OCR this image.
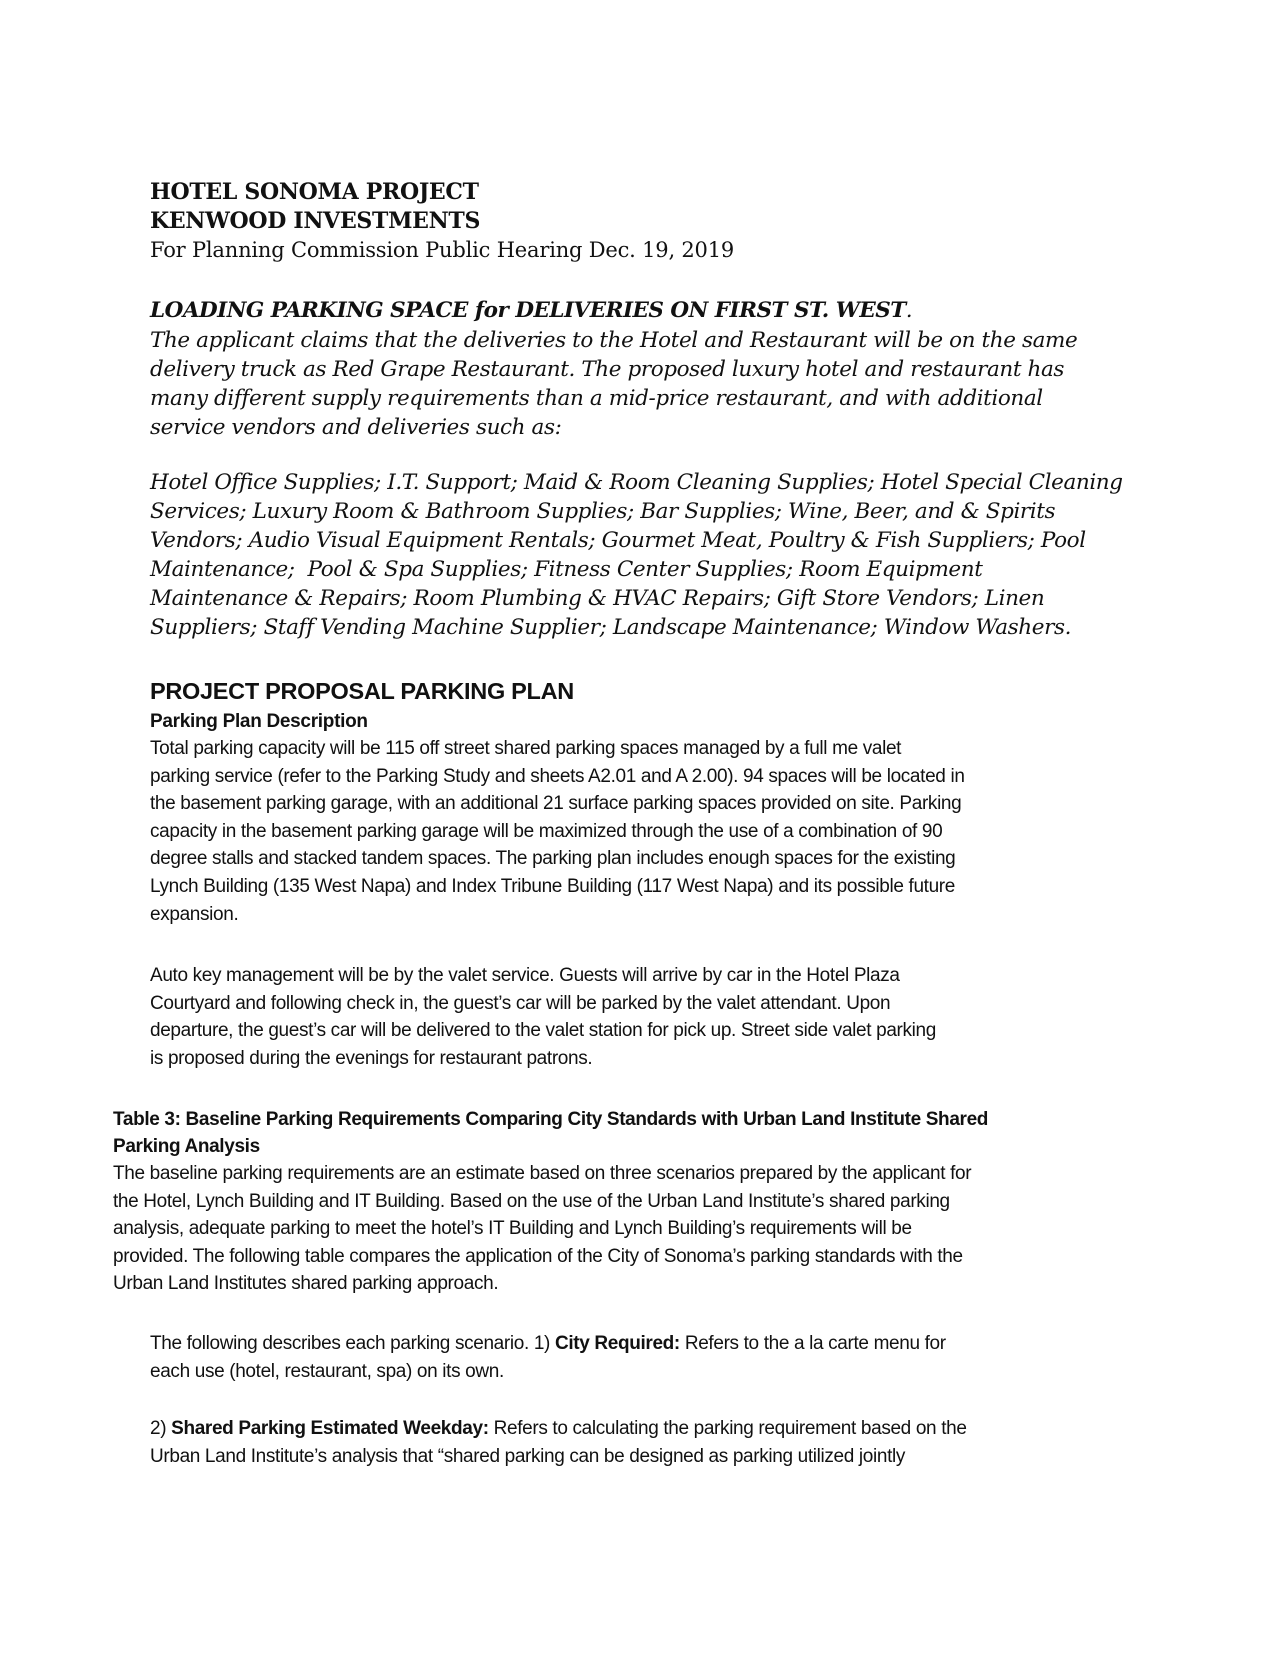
HOTEL SONOMA PROJECT
KENWOOD INVESTMENTS
For Planning Commission Public Hearing Dec. 19, 2019
LOADING PARKING SPACE for DELIVERIES ON FIRST ST. WEST.
The applicant claims that the deliveries to the Hotel and Restaurant will be on the same
delivery truck as Red Grape Restaurant. The proposed luxury hotel and restaurant has
many different supply requirements than a mid-price restaurant, and with additional
service vendors and deliveries such as:
Hotel Office Supplies; I.T. Support; Maid & Room Cleaning Supplies; Hotel Special Cleaning
Services; Luxury Room & Bathroom Supplies; Bar Supplies; Wine, Beer, and & Spirits
Vendors; Audio Visual Equipment Rentals; Gourmet Meat, Poultry & Fish Suppliers; Pool
Maintenance;  Pool & Spa Supplies; Fitness Center Supplies; Room Equipment
Maintenance & Repairs; Room Plumbing & HVAC Repairs; Gift Store Vendors; Linen
Suppliers; Staff Vending Machine Supplier; Landscape Maintenance; Window Washers.
PROJECT PROPOSAL PARKING PLAN
Parking Plan Description
Total parking capacity will be 115 off street shared parking spaces managed by a full me valet
parking service (refer to the Parking Study and sheets A2.01 and A 2.00). 94 spaces will be located in
the basement parking garage, with an additional 21 surface parking spaces provided on site. Parking
capacity in the basement parking garage will be maximized through the use of a combination of 90
degree stalls and stacked tandem spaces. The parking plan includes enough spaces for the existing
Lynch Building (135 West Napa) and Index Tribune Building (117 West Napa) and its possible future
expansion.
Auto key management will be by the valet service. Guests will arrive by car in the Hotel Plaza
Courtyard and following check in, the guest’s car will be parked by the valet attendant. Upon
departure, the guest’s car will be delivered to the valet station for pick up. Street side valet parking
is proposed during the evenings for restaurant patrons.
Table 3: Baseline Parking Requirements Comparing City Standards with Urban Land Institute Shared
Parking Analysis
The baseline parking requirements are an estimate based on three scenarios prepared by the applicant for
the Hotel, Lynch Building and IT Building. Based on the use of the Urban Land Institute’s shared parking
analysis, adequate parking to meet the hotel’s IT Building and Lynch Building’s requirements will be
provided. The following table compares the application of the City of Sonoma’s parking standards with the
Urban Land Institutes shared parking approach.
The following describes each parking scenario. 1) City Required: Refers to the a la carte menu for
each use (hotel, restaurant, spa) on its own.
2) Shared Parking Estimated Weekday: Refers to calculating the parking requirement based on the
Urban Land Institute’s analysis that “shared parking can be designed as parking utilized jointly
